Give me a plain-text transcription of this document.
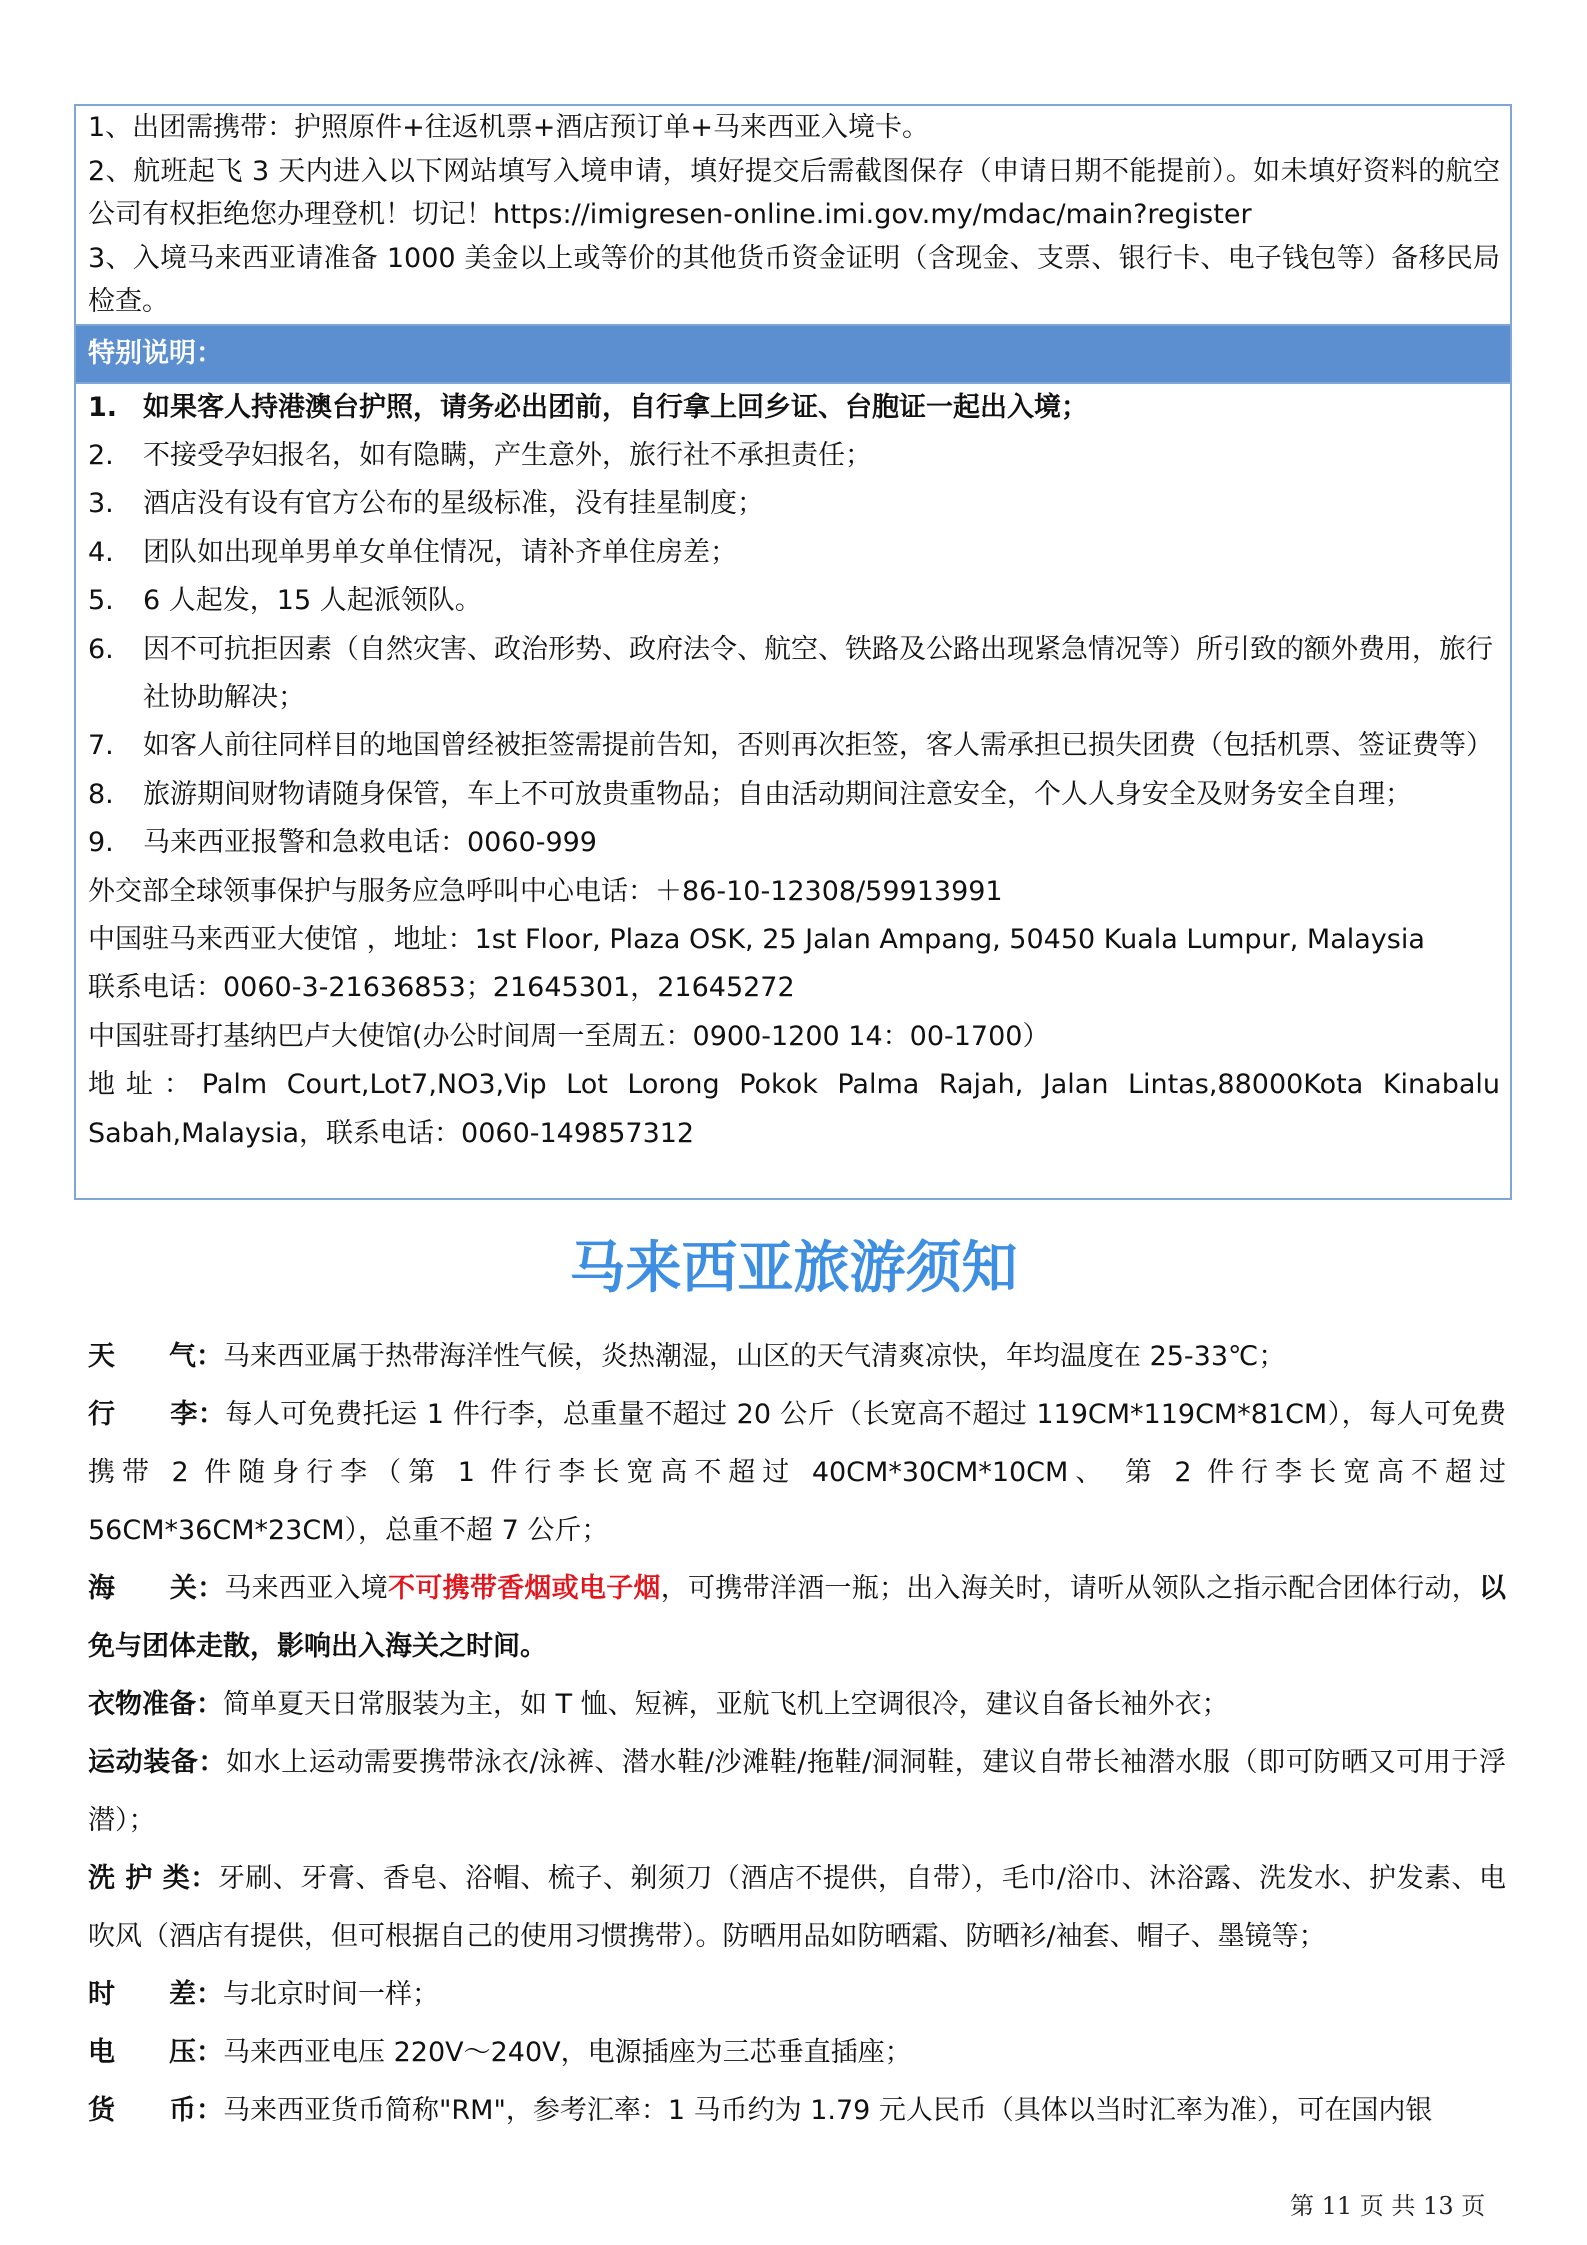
1、出团需携带：护照原件+往返机票+酒店预订单+马来西亚入境卡。

2、航班起飞 3 天内进入以下网站填写入境申请，填好提交后需截图保存（申请日期不能提前）。如未填好资料的航空公司有权拒绝您办理登机！切记！https://imigresen-online.imi.gov.my/mdac/main?register

3、入境马来西亚请准备 1000 美金以上或等价的其他货币资金证明（含现金、支票、银行卡、电子钱包等）备移民局检查。

特别说明：
1. 如果客人持港澳台护照，请务必出团前，自行拿上回乡证、台胞证一起出入境；
2. 不接受孕妇报名，如有隐瞒，产生意外，旅行社不承担责任；
3. 酒店没有设有官方公布的星级标准，没有挂星制度；
4. 团队如出现单男单女单住情况，请补齐单住房差；
5. 6 人起发，15 人起派领队。
6. 因不可抗拒因素（自然灾害、政治形势、政府法令、航空、铁路及公路出现紧急情况等）所引致的额外费用，旅行社协助解决；
7. 如客人前往同样目的地国曾经被拒签需提前告知，否则再次拒签，客人需承担已损失团费（包括机票、签证费等）
8. 旅游期间财物请随身保管，车上不可放贵重物品；自由活动期间注意安全，个人人身安全及财务安全自理；
9. 马来西亚报警和急救电话：0060-999

外交部全球领事保护与服务应急呼叫中心电话：＋86-10-12308/59913991

中国驻马来西亚大使馆 ，地址：1st Floor, Plaza OSK, 25 Jalan Ampang, 50450 Kuala Lumpur, Malaysia

联系电话：0060-3-21636853；21645301，21645272

中国驻哥打基纳巴卢大使馆(办公时间周一至周五：0900-1200 14：00-1700）

地址：Palm Court,Lot7,NO3,Vip Lot Lorong Pokok Palma Rajah, Jalan Lintas,88000Kota Kinabalu Sabah,Malaysia，联系电话：0060-149857312

马来西亚旅游须知

天　　气：马来西亚属于热带海洋性气候，炎热潮湿，山区的天气清爽凉快，年均温度在 25-33℃；

行　　李：每人可免费托运 1 件行李，总重量不超过 20 公斤（长宽高不超过 119CM*119CM*81CM），每人可免费携带 2 件随身行李（第 1 件行李长宽高不超过 40CM*30CM*10CM、 第 2 件行李长宽高不超过 56CM*36CM*23CM），总重不超 7 公斤；

海　　关：马来西亚入境不可携带香烟或电子烟，可携带洋酒一瓶；出入海关时，请听从领队之指示配合团体行动，以免与团体走散，影响出入海关之时间。

衣物准备：简单夏天日常服装为主，如 T 恤、短裤，亚航飞机上空调很冷，建议自备长袖外衣；

运动装备：如水上运动需要携带泳衣/泳裤、潜水鞋/沙滩鞋/拖鞋/洞洞鞋，建议自带长袖潜水服（即可防晒又可用于浮潜）；

洗 护 类：牙刷、牙膏、香皂、浴帽、梳子、剃须刀（酒店不提供，自带），毛巾/浴巾、沐浴露、洗发水、护发素、电吹风（酒店有提供，但可根据自己的使用习惯携带）。防晒用品如防晒霜、防晒衫/袖套、帽子、墨镜等；

时　　差：与北京时间一样；

电　　压：马来西亚电压 220V～240V，电源插座为三芯垂直插座；

货　　币：马来西亚货币简称"RM"，参考汇率：1 马币约为 1.79 元人民币（具体以当时汇率为准），可在国内银

第 11 页 共 13 页
